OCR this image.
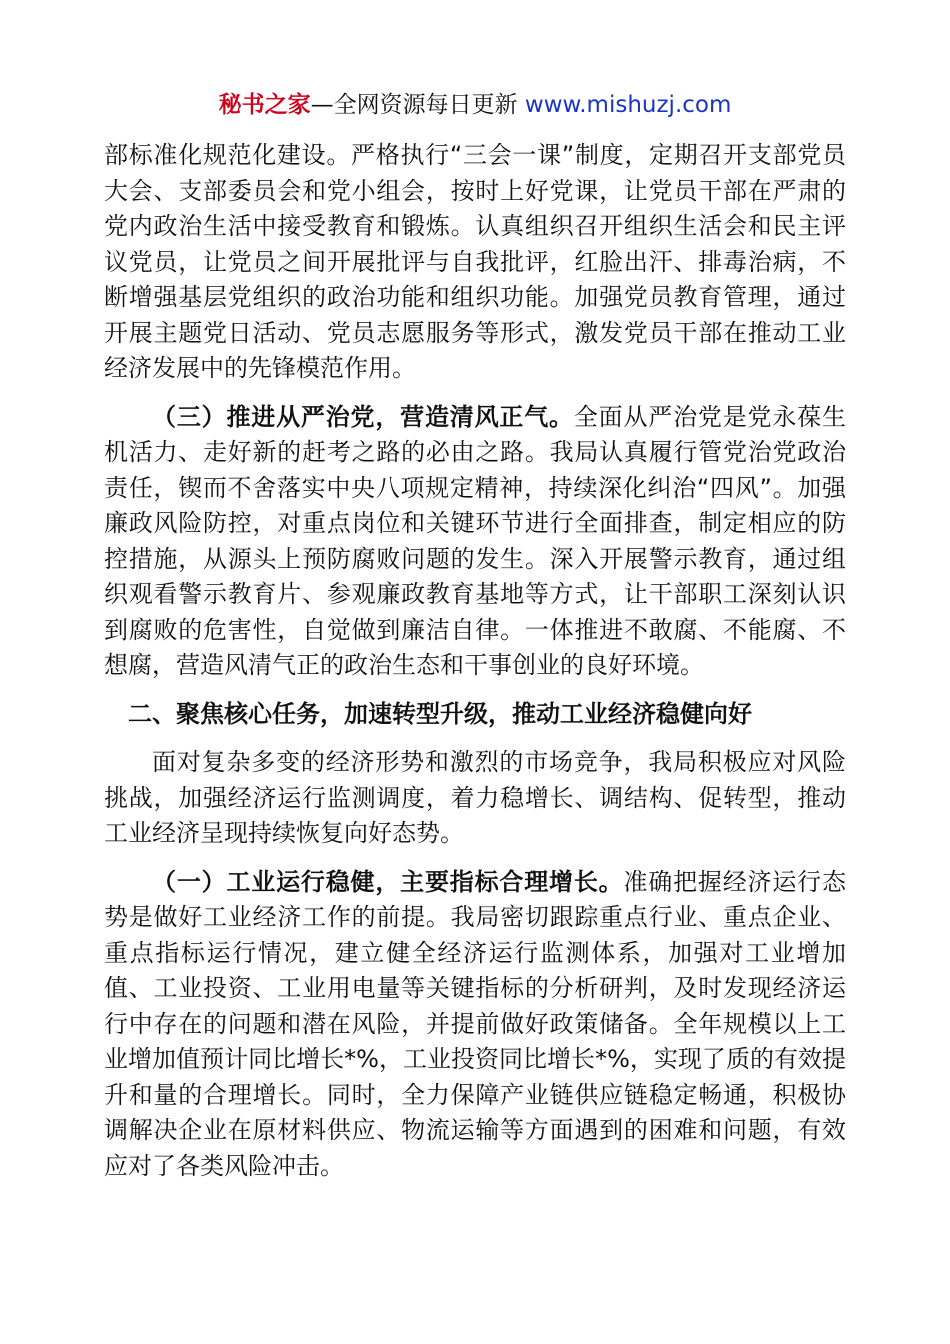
秘书之家—全网资源每日更新 www.mishuzj.com

部标准化规范化建设。严格执行“三会一课”制度，定期召开支部党员大会、支部委员会和党小组会，按时上好党课，让党员干部在严肃的党内政治生活中接受教育和锻炼。认真组织召开组织生活会和民主评议党员，让党员之间开展批评与自我批评，红脸出汗、排毒治病，不断增强基层党组织的政治功能和组织功能。加强党员教育管理，通过开展主题党日活动、党员志愿服务等形式，激发党员干部在推动工业经济发展中的先锋模范作用。

（三）推进从严治党，营造清风正气。全面从严治党是党永葆生机活力、走好新的赶考之路的必由之路。我局认真履行管党治党政治责任，锲而不舍落实中央八项规定精神，持续深化纠治“四风”。加强廉政风险防控，对重点岗位和关键环节进行全面排查，制定相应的防控措施，从源头上预防腐败问题的发生。深入开展警示教育，通过组织观看警示教育片、参观廉政教育基地等方式，让干部职工深刻认识到腐败的危害性，自觉做到廉洁自律。一体推进不敢腐、不能腐、不想腐，营造风清气正的政治生态和干事创业的良好环境。

二、聚焦核心任务，加速转型升级，推动工业经济稳健向好

面对复杂多变的经济形势和激烈的市场竞争，我局积极应对风险挑战，加强经济运行监测调度，着力稳增长、调结构、促转型，推动工业经济呈现持续恢复向好态势。

（一）工业运行稳健，主要指标合理增长。准确把握经济运行态势是做好工业经济工作的前提。我局密切跟踪重点行业、重点企业、重点指标运行情况，建立健全经济运行监测体系，加强对工业增加值、工业投资、工业用电量等关键指标的分析研判，及时发现经济运行中存在的问题和潜在风险，并提前做好政策储备。全年规模以上工业增加值预计同比增长*%，工业投资同比增长*%，实现了质的有效提升和量的合理增长。同时，全力保障产业链供应链稳定畅通，积极协调解决企业在原材料供应、物流运输等方面遇到的困难和问题，有效应对了各类风险冲击。
